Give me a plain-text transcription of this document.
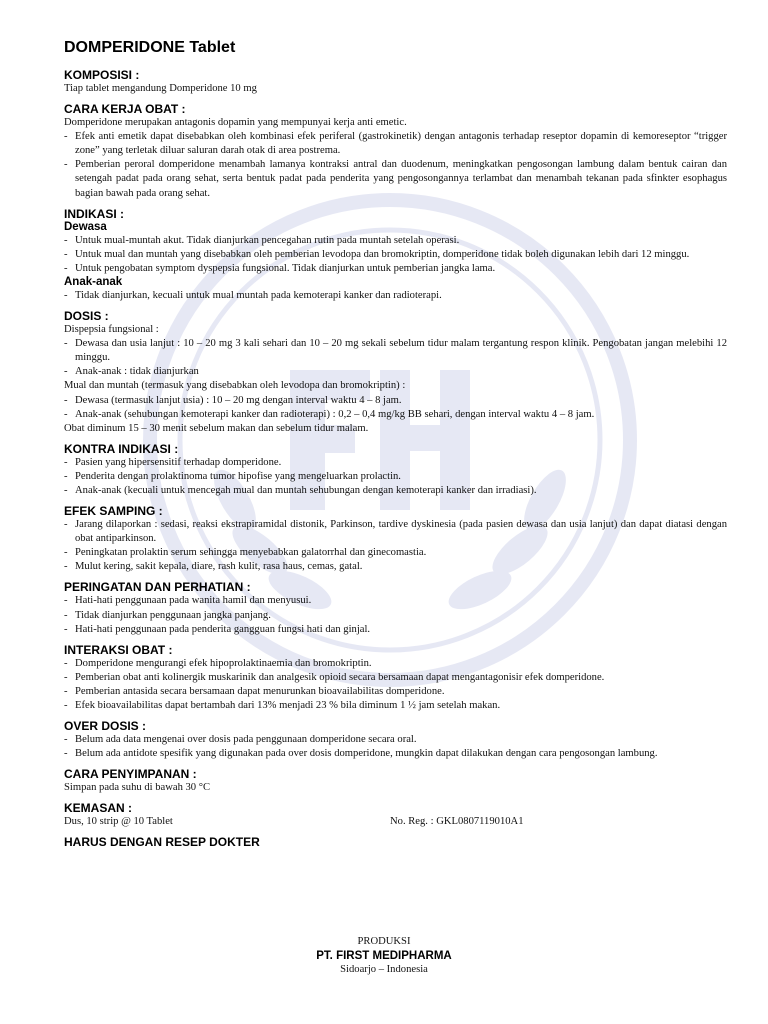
DOMPERIDONE Tablet
KOMPOSISI :
Tiap tablet mengandung Domperidone 10 mg
CARA KERJA OBAT :
Domperidone merupakan antagonis dopamin yang mempunyai kerja anti emetic.
- Efek anti emetik dapat disebabkan oleh kombinasi efek periferal (gastrokinetik) dengan antagonis terhadap reseptor dopamin di kemoreseptor “trigger zone” yang terletak diluar saluran darah otak di area postrema.
- Pemberian peroral domperidone menambah lamanya kontraksi antral dan duodenum, meningkatkan pengosongan lambung dalam bentuk cairan dan setengah padat pada orang sehat, serta bentuk padat pada penderita yang pengosongannya terlambat dan menambah tekanan pada sfinkter esophagus bagian bawah pada orang sehat.
INDIKASI :
Dewasa
- Untuk mual-muntah akut. Tidak dianjurkan pencegahan rutin pada muntah setelah operasi.
- Untuk mual dan muntah yang disebabkan oleh pemberian levodopa dan bromokriptin, domperidone tidak boleh digunakan lebih dari 12 minggu.
- Untuk pengobatan symptom dyspepsia fungsional. Tidak dianjurkan untuk pemberian jangka lama.
Anak-anak
- Tidak dianjurkan, kecuali untuk mual muntah pada kemoterapi kanker dan radioterapi.
DOSIS :
Dispepsia fungsional :
- Dewasa dan usia lanjut : 10 – 20 mg 3 kali sehari dan 10 – 20 mg sekali sebelum tidur malam tergantung respon klinik. Pengobatan jangan melebihi 12 minggu.
- Anak-anak : tidak dianjurkan
Mual dan muntah (termasuk yang disebabkan oleh levodopa dan bromokriptin) :
- Dewasa (termasuk lanjut usia) : 10 – 20 mg dengan interval waktu 4 – 8 jam.
- Anak-anak (sehubungan kemoterapi kanker dan radioterapi) : 0,2 – 0,4 mg/kg BB sehari, dengan interval waktu 4 – 8 jam.
Obat diminum 15 – 30 menit sebelum makan dan sebelum tidur malam.
KONTRA INDIKASI :
- Pasien yang hipersensitif terhadap domperidone.
- Penderita dengan prolaktinoma tumor hipofise yang mengeluarkan prolactin.
- Anak-anak (kecuali untuk mencegah mual dan muntah sehubungan dengan kemoterapi kanker dan irradiasi).
EFEK SAMPING :
- Jarang dilaporkan : sedasi, reaksi ekstrapiramidal distonik, Parkinson, tardive dyskinesia (pada pasien dewasa dan usia lanjut) dan dapat diatasi dengan obat antiparkinson.
- Peningkatan prolaktin serum sehingga menyebabkan galatorrhal dan ginecomastia.
- Mulut kering, sakit kepala, diare, rash kulit, rasa haus, cemas, gatal.
PERINGATAN DAN PERHATIAN :
- Hati-hati penggunaan pada wanita hamil dan menyusui.
- Tidak dianjurkan penggunaan jangka panjang.
- Hati-hati penggunaan pada penderita gangguan fungsi hati dan ginjal.
INTERAKSI OBAT :
- Domperidone mengurangi efek hipoprolaktinaemia dan bromokriptin.
- Pemberian obat anti kolinergik muskarinik dan analgesik opioid secara bersamaan dapat mengantagonisir efek domperidone.
- Pemberian antasida secara bersamaan dapat menurunkan bioavailabilitas domperidone.
- Efek bioavailabilitas dapat bertambah dari 13% menjadi 23 % bila diminum 1 ½ jam setelah makan.
OVER DOSIS :
- Belum ada data mengenai over dosis pada penggunaan domperidone secara oral.
- Belum ada antidote spesifik yang digunakan pada over dosis domperidone, mungkin dapat dilakukan dengan cara pengosongan lambung.
CARA PENYIMPANAN :
Simpan pada suhu di bawah 30 °C
KEMASAN :
Dus, 10 strip @ 10 Tablet	No. Reg. : GKL0807119010A1
HARUS DENGAN RESEP DOKTER
PRODUKSI
PT. FIRST MEDIPHARMA
Sidoarjo – Indonesia
